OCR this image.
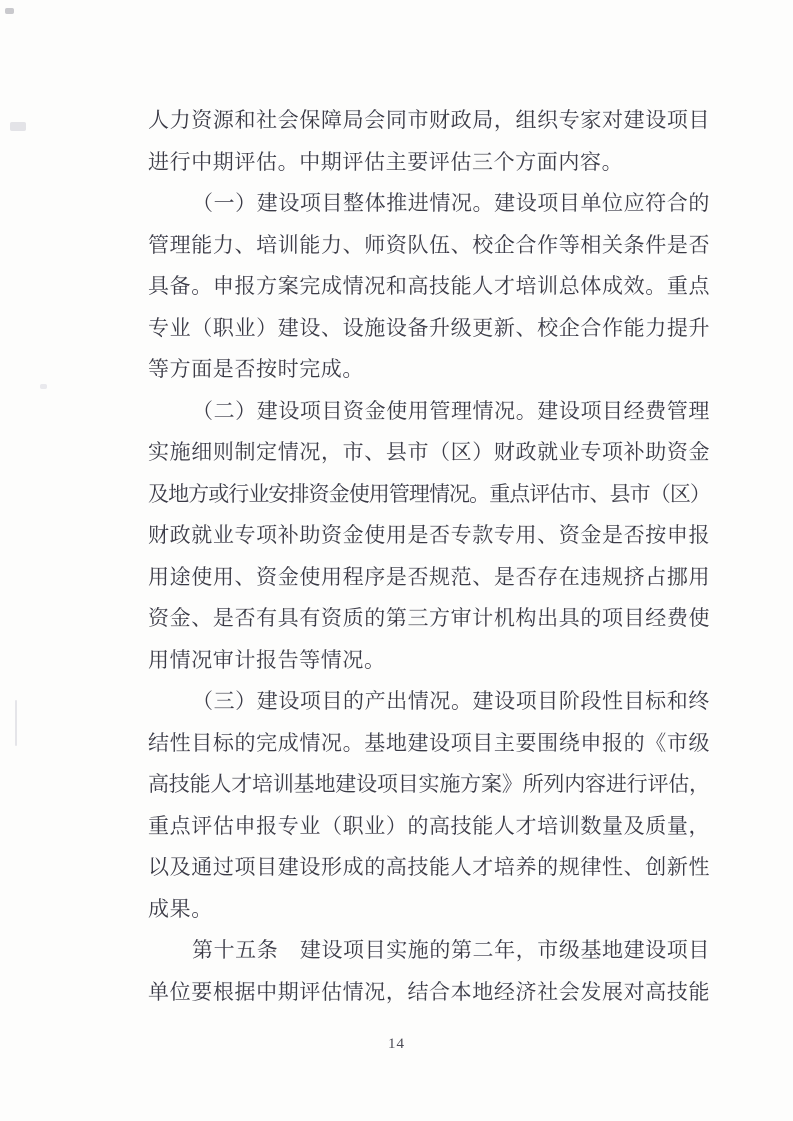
人力资源和社会保障局会同市财政局，组织专家对建设项目
进行中期评估。中期评估主要评估三个方面内容。
（一）建设项目整体推进情况。建设项目单位应符合的
管理能力、培训能力、师资队伍、校企合作等相关条件是否
具备。申报方案完成情况和高技能人才培训总体成效。重点
专业（职业）建设、设施设备升级更新、校企合作能力提升
等方面是否按时完成。
（二）建设项目资金使用管理情况。建设项目经费管理
实施细则制定情况，市、县市（区）财政就业专项补助资金
及地方或行业安排资金使用管理情况。重点评估市、县市（区）
财政就业专项补助资金使用是否专款专用、资金是否按申报
用途使用、资金使用程序是否规范、是否存在违规挤占挪用
资金、是否有具有资质的第三方审计机构出具的项目经费使
用情况审计报告等情况。
（三）建设项目的产出情况。建设项目阶段性目标和终
结性目标的完成情况。基地建设项目主要围绕申报的《市级
高技能人才培训基地建设项目实施方案》所列内容进行评估，
重点评估申报专业（职业）的高技能人才培训数量及质量，
以及通过项目建设形成的高技能人才培养的规律性、创新性
成果。
第十五条　建设项目实施的第二年，市级基地建设项目
单位要根据中期评估情况，结合本地经济社会发展对高技能
14
